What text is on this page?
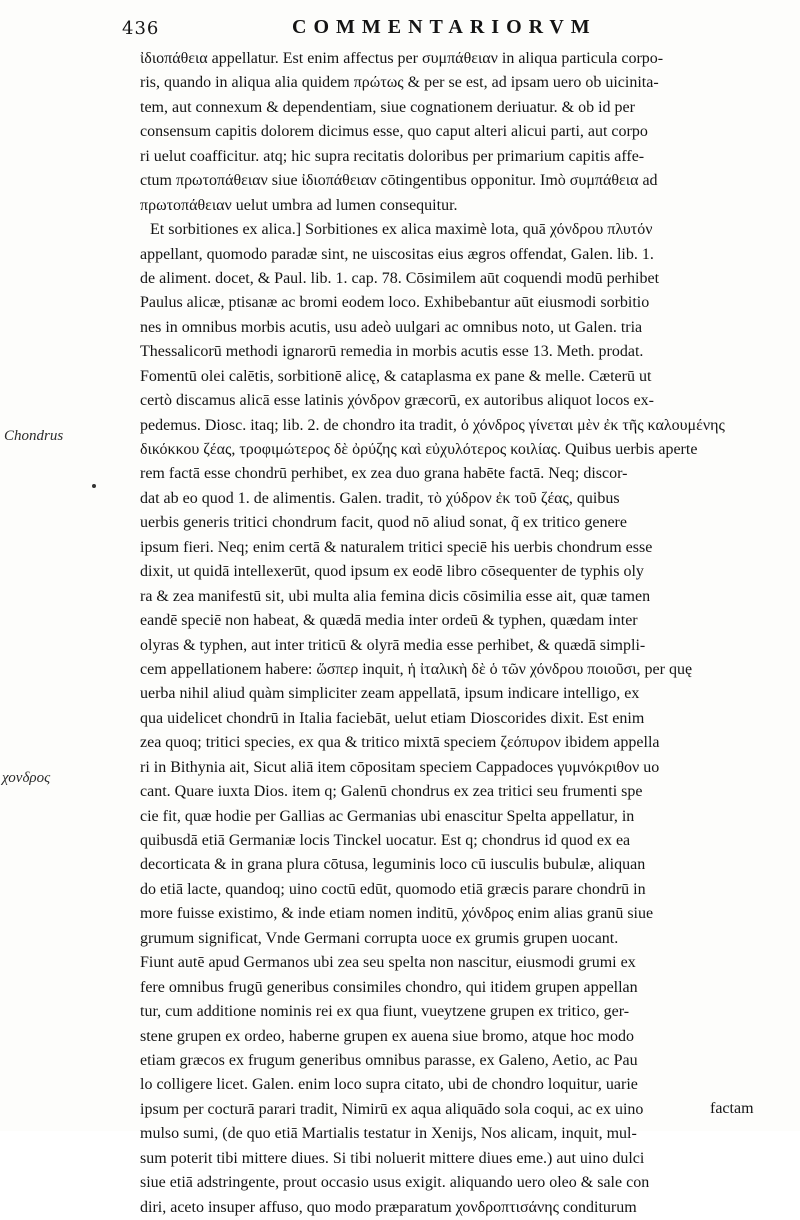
436	COMMENTARIORVM
Chondrus
χονδρος
ἰδιοπάθεια appellatur. Est enim affectus per συμπάθειαν in aliqua particula corpo-
ris, quando in aliqua alia quidem πρώτως & per se est, ad ipsam uero ob uicinita-
tem, aut connexum & dependentiam, siue cognationem deriuatur. & ob id per
consensum capitis dolorem dicimus esse, quo caput alteri alicui parti, aut corpo
ri uelut coafficitur. atq; hic supra recitatis doloribus per primarium capitis affe-
ctum πρωτοπάθειαν siue ἰδιοπάθειαν cōtingentibus opponitur. Imò συμπάθεια ad
πρωτοπάθειαν uelut umbra ad lumen consequitur.
Et sorbitiones ex alica.] Sorbitiones ex alica maximè lota, quā χόνδρου πλυτόν
appellant, quomodo paradæ sint, ne uiscositas eius ægros offendat, Galen. lib. 1.
de aliment. docet, & Paul. lib. 1. cap. 78. Cōsimilem aūt coquendi modū perhibet
Paulus alicæ, ptisanæ ac bromi eodem loco. Exhibebantur aūt eiusmodi sorbitio
nes in omnibus morbis acutis, usu adeò uulgari ac omnibus noto, ut Galen. tria
Thessalicorū methodi ignarorū remedia in morbis acutis esse 13. Meth. prodat.
Fomentū olei calētis, sorbitionē alicę, & cataplasma ex pane & melle. Cæterū ut
certò discamus alicā esse latinis χόνδρον græcorū, ex autoribus aliquot locos ex-
pedemus. Diosc. itaq; lib. 2. de chondro ita tradit, ὁ χόνδρος γίνεται μὲν ἐκ τῆς καλουμένης
δικόκκου ζέας, τροφιμώτερος δὲ ὀρύζης καὶ εὐχυλότερος κοιλίας. Quibus uerbis aperte
rem factā esse chondrū perhibet, ex zea duo grana habēte factā. Neq; discor-
dat ab eo quod 1. de alimentis. Galen. tradit, τὸ χύδρον ἐκ τοῦ ζέας, quibus
uerbis generis tritici chondrum facit, quod nō aliud sonat, q̃ ex tritico genere
ipsum fieri. Neq; enim certā & naturalem tritici speciē his uerbis chondrum esse
dixit, ut quidā intellexerūt, quod ipsum ex eodē libro cōsequenter de typhis oly
ra & zea manifestū sit, ubi multa alia femina dicis cōsimilia esse ait, quæ tamen
eandē speciē non habeat, & quædā media inter ordeū & typhen, quædam inter
olyras & typhen, aut inter triticū & olyrā media esse perhibet, & quædā simpli-
cem appellationem habere: ὥσπερ inquit, ἡ ἰταλικὴ δὲ ὁ τῶν χόνδρου ποιοῦσι, per quę
uerba nihil aliud quàm simpliciter zeam appellatā, ipsum indicare intelligo, ex
qua uidelicet chondrū in Italia faciebāt, uelut etiam Dioscorides dixit. Est enim
zea quoq; tritici species, ex qua & tritico mixtā speciem ζεόπυρον ibidem appella
ri in Bithynia ait, Sicut aliā item cōpositam speciem Cappadoces γυμνόκριθον uo
cant. Quare iuxta Dios. item q; Galenū chondrus ex zea tritici seu frumenti spe
cie fit, quæ hodie per Gallias ac Germanias ubi enascitur Spelta appellatur, in
quibusdā etiā Germaniæ locis Tinckel uocatur. Est q; chondrus id quod ex ea
decorticata & in grana plura cōtusa, leguminis loco cū iusculis bubulæ, aliquan
do etiā lacte, quandoq; uino coctū edūt, quomodo etiā græcis parare chondrū in
more fuisse existimo, & inde etiam nomen inditū, χόνδρος enim alias granū siue
grumum significat, Vnde Germani corrupta uoce ex grumis grupen uocant.
Fiunt autē apud Germanos ubi zea seu spelta non nascitur, eiusmodi grumi ex
fere omnibus frugū generibus consimiles chondro, qui itidem grupen appellan
tur, cum additione nominis rei ex qua fiunt, vueytzene grupen ex tritico, ger-
stene grupen ex ordeo, haberne grupen ex auena siue bromo, atque hoc modo
etiam græcos ex frugum generibus omnibus parasse, ex Galeno, Aetio, ac Pau
lo colligere licet. Galen. enim loco supra citato, ubi de chondro loquitur, uarie
ipsum per cocturā parari tradit, Nimirū ex aqua aliquādo sola coqui, ac ex uino
mulso sumi, (de quo etiā Martialis testatur in Xenijs, Nos alicam, inquit, mul-
sum poterit tibi mittere diues. Si tibi noluerit mittere diues eme.) aut uino dulci
siue etiā adstringente, prout occasio usus exigit. aliquando uero oleo & sale con
diri, aceto insuper affuso, quo modo præparatum χονδροπτισάνης conditurum
factam
